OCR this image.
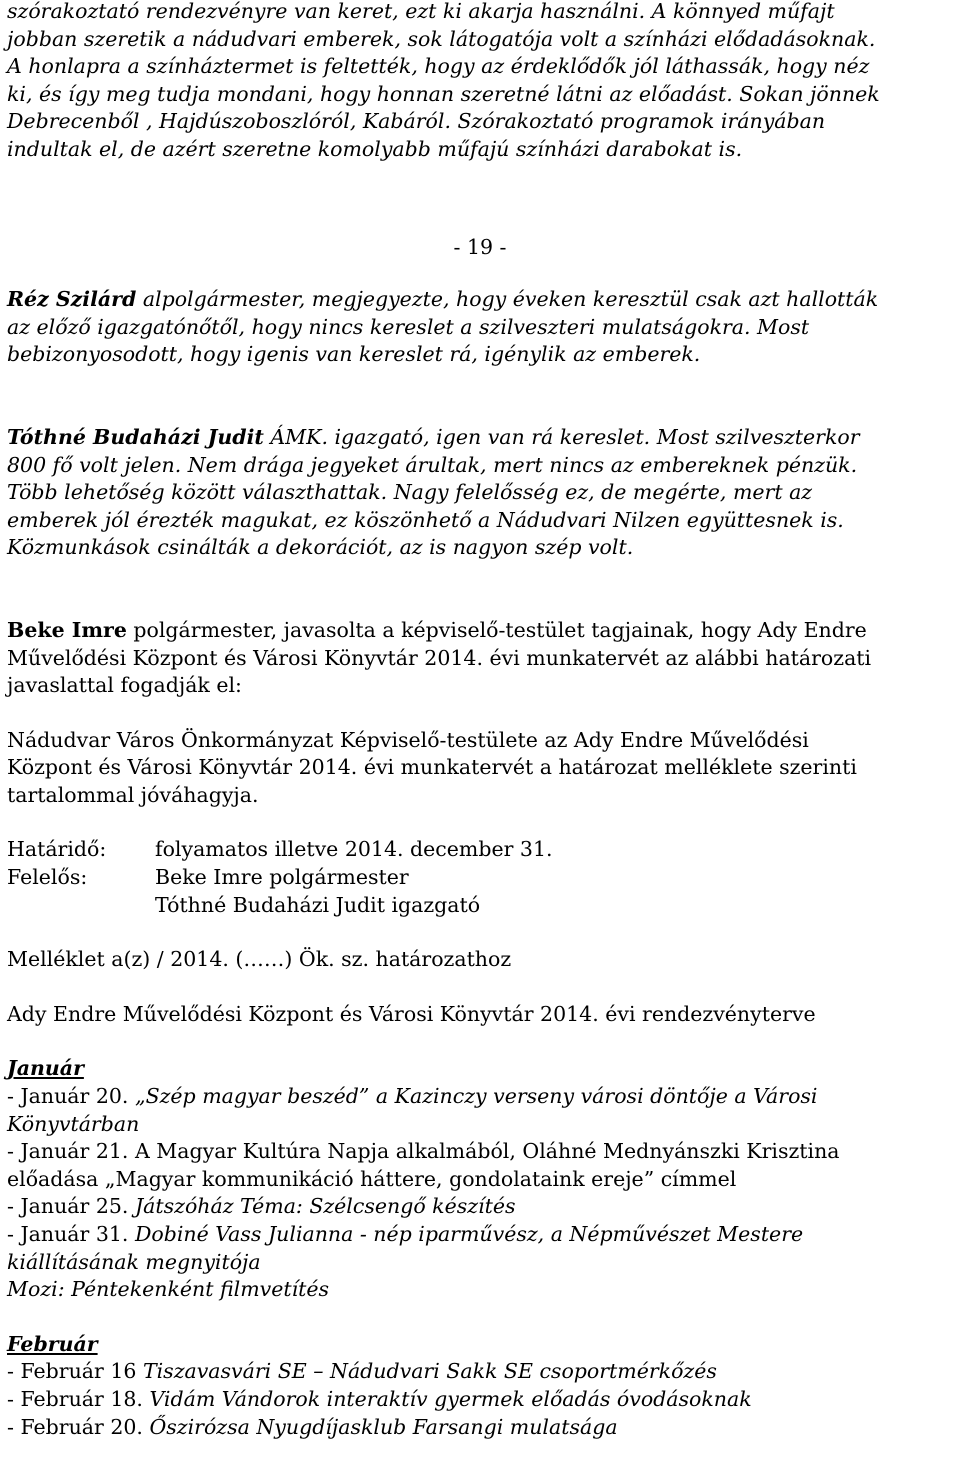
szórakoztató rendezvényre van keret, ezt ki akarja használni. A könnyed műfajt

jobban szeretik a nádudvari emberek, sok látogatója volt a színházi elődadásoknak.

A honlapra a színháztermet is feltették, hogy az érdeklődők jól láthassák, hogy néz

ki, és így meg tudja mondani, hogy honnan szeretné látni az előadást. Sokan jönnek

Debrecenből , Hajdúszoboszlóról, Kabáról. Szórakoztató programok irányában

indultak el, de azért szeretne komolyabb műfajú színházi darabokat is.

- 19 -

Réz Szilárd alpolgármester, megjegyezte, hogy éveken keresztül csak azt hallották

az előző igazgatónőtől, hogy nincs kereslet a szilveszteri mulatságokra. Most

bebizonyosodott, hogy igenis van kereslet rá, igénylik az emberek.

Tóthné Budaházi Judit ÁMK. igazgató, igen van rá kereslet. Most szilveszterkor

800 fő volt jelen. Nem drága jegyeket árultak, mert nincs az embereknek pénzük.

Több lehetőség között választhattak. Nagy felelősség ez, de megérte, mert az

emberek jól érezték magukat, ez köszönhető a Nádudvari Nilzen együttesnek is.

Közmunkások csinálták a dekorációt, az is nagyon szép volt.

Beke Imre polgármester, javasolta a képviselő-testület tagjainak, hogy Ady Endre

Művelődési Központ és Városi Könyvtár 2014. évi munkatervét az alábbi határozati

javaslattal fogadják el:

Nádudvar Város Önkormányzat Képviselő-testülete az Ady Endre Művelődési

Központ és Városi Könyvtár 2014. évi munkatervét a határozat melléklete szerinti

tartalommal jóváhagyja.

Határidő:	folyamatos illetve 2014. december 31.
Felelős:	Beke Imre polgármester
Tóthné Budaházi Judit igazgató

Melléklet a(z) / 2014. (……) Ök. sz. határozathoz

Ady Endre Művelődési Központ és Városi Könyvtár 2014. évi rendezvényterve

Január

- Január 20. „Szép magyar beszéd” a Kazinczy verseny városi döntője a Városi

Könyvtárban

- Január 21. A Magyar Kultúra Napja alkalmából, Oláhné Mednyánszki Krisztina

előadása „Magyar kommunikáció háttere, gondolataink ereje” címmel

- Január 25. Játszóház Téma: Szélcsengő készítés

- Január 31. Dobiné Vass Julianna - nép iparművész, a Népművészet Mestere

kiállításának megnyitója

Mozi: Péntekenként filmvetítés

Február

- Február 16 Tiszavasvári SE – Nádudvari Sakk SE csoportmérkőzés

- Február 18. Vidám Vándorok interaktív gyermek előadás óvodásoknak

- Február 20. Őszirózsa Nyugdíjasklub Farsangi mulatsága
